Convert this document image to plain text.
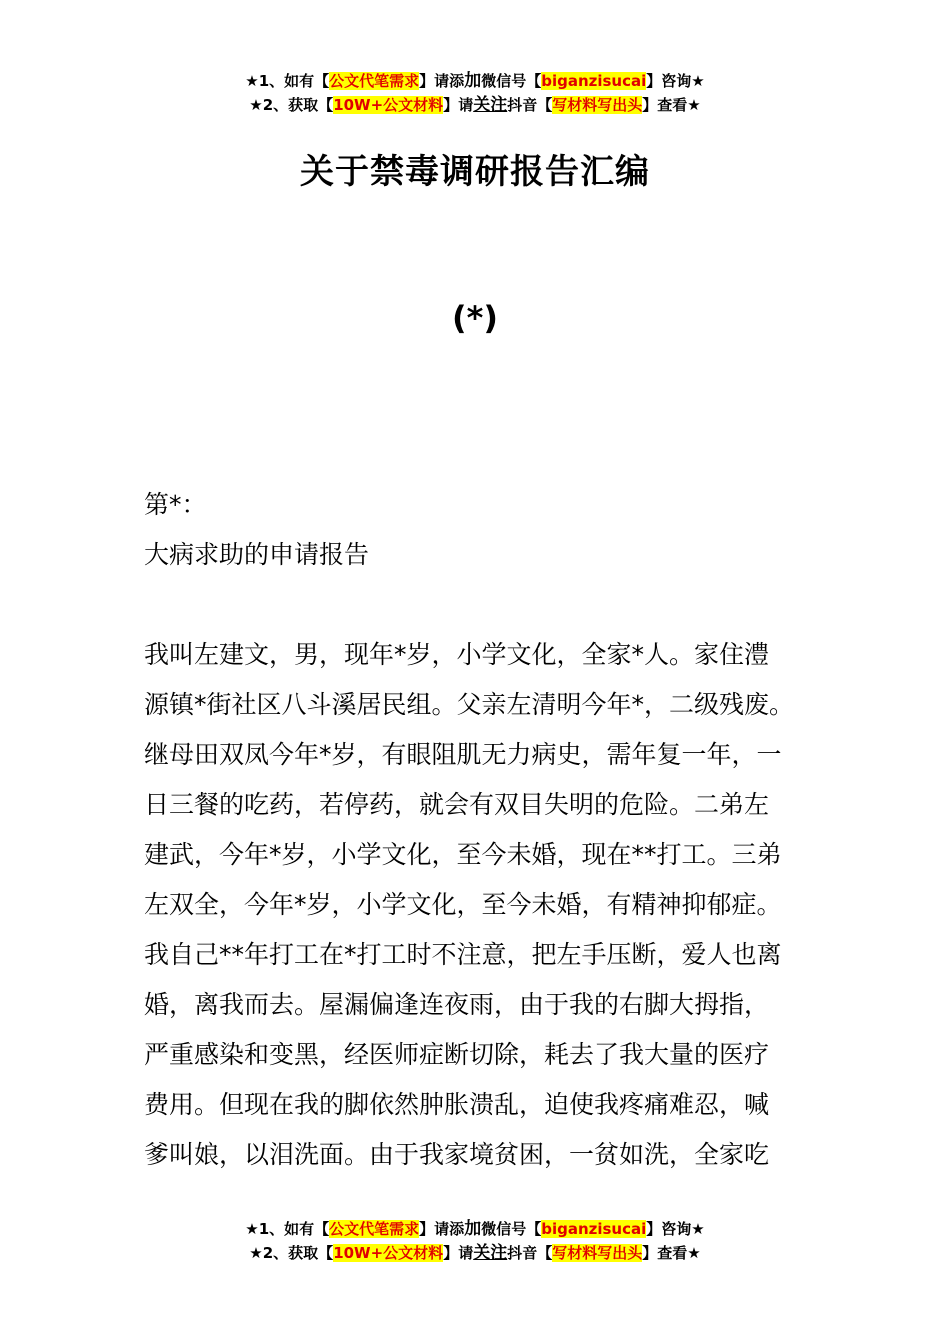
★1、如有【公文代笔需求】请添加微信号【biganzisucai】咨询★
★2、获取【10W+公文材料】请关注抖音【写材料写出头】查看★
关于禁毒调研报告汇编
(*)
第*：
大病求助的申请报告
我叫左建文，男，现年*岁，小学文化，全家*人。家住澧
源镇*街社区八斗溪居民组。父亲左清明今年*，二级残废。
继母田双凤今年*岁，有眼阻肌无力病史，需年复一年，一
日三餐的吃药，若停药，就会有双目失明的危险。二弟左
建武，今年*岁，小学文化，至今未婚，现在**打工。三弟
左双全，今年*岁，小学文化，至今未婚，有精神抑郁症。
我自己**年打工在*打工时不注意，把左手压断，爱人也离
婚，离我而去。屋漏偏逢连夜雨，由于我的右脚大拇指，
严重感染和变黑，经医师症断切除，耗去了我大量的医疗
费用。但现在我的脚依然肿胀溃乱，迫使我疼痛难忍，喊
爹叫娘，以泪洗面。由于我家境贫困，一贫如洗，全家吃
★1、如有【公文代笔需求】请添加微信号【biganzisucai】咨询★
★2、获取【10W+公文材料】请关注抖音【写材料写出头】查看★
